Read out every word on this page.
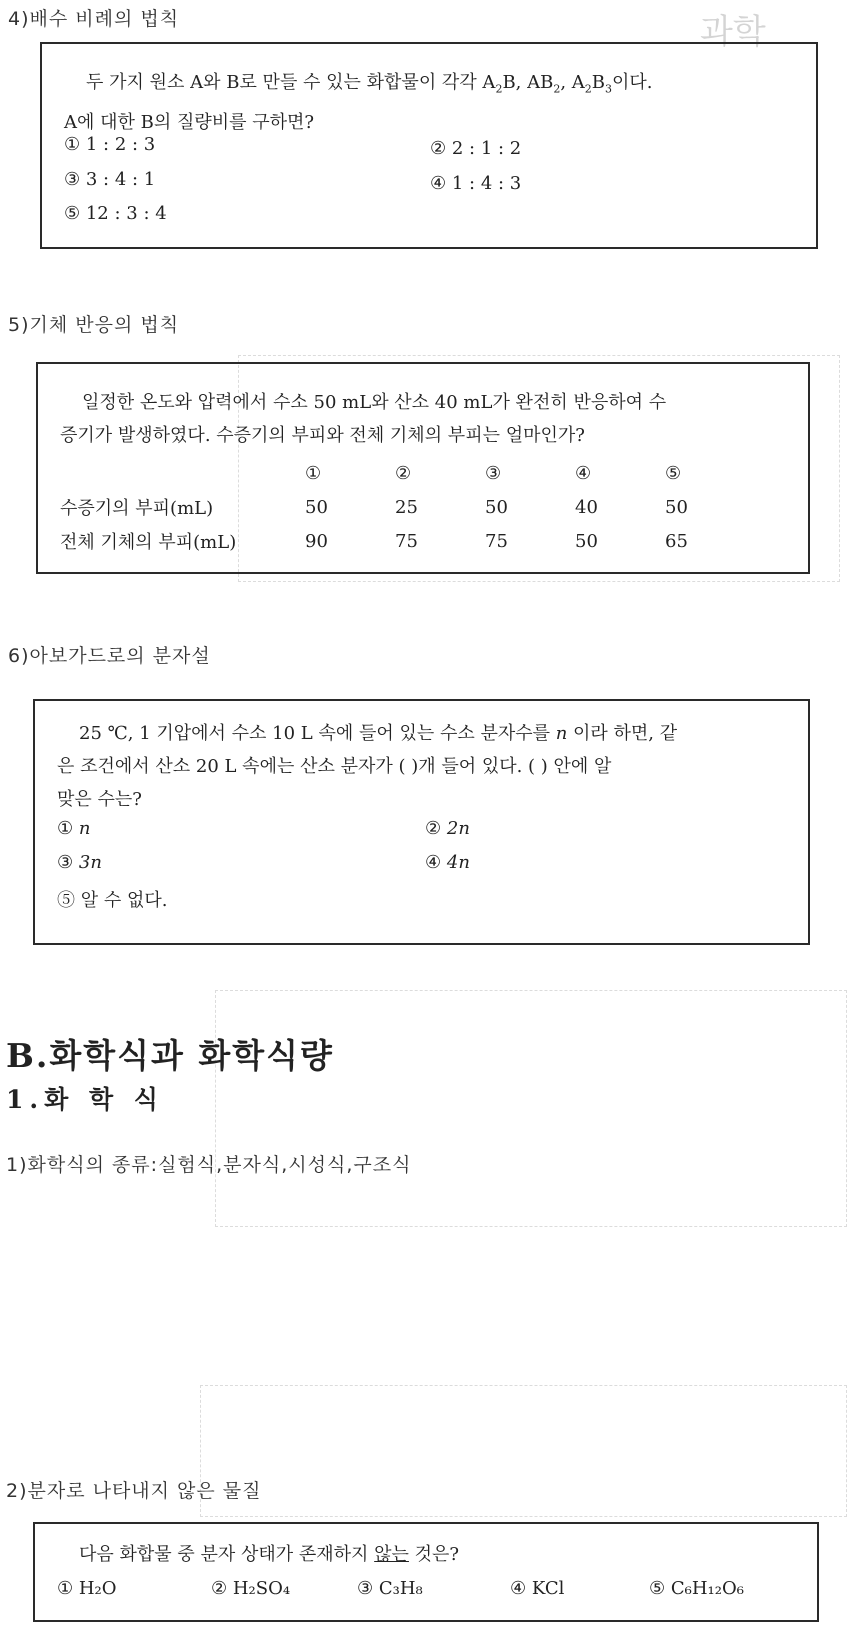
과학
4)배수 비례의 법칙
두 가지 원소 A와 B로 만들 수 있는 화합물이 각각 $A_2B$, $AB_2$, $A_2B_3$이다.
A에 대한 B의 질량비를 구하면?
① 1 : 2 : 3	② 2 : 1 : 2
③ 3 : 4 : 1	④ 1 : 4 : 3
⑤ 12 : 3 : 4
5)기체 반응의 법칙
일정한 온도와 압력에서 수소 50 mL와 산소 40 mL가 완전히 반응하여 수
증기가 발생하였다. 수증기의 부피와 전체 기체의 부피는 얼마인가?
	①	②	③	④	⑤
수증기의 부피(mL)	50	25	50	40	50
전체 기체의 부피(mL)	90	75	75	50	65
6)아보가드로의 분자설
25 ℃, 1 기압에서 수소 10 L 속에 들어 있는 수소 분자수를 n 이라 하면, 같
은 조건에서 산소 20 L 속에는 산소 분자가 ( )개 들어 있다. ( ) 안에 알
맞은 수는?
① n	② 2n
③ 3n	④ 4n
⑤ 알 수 없다.
B.화학식과 화학식량
1.화 학 식
1)화학식의 종류:실험식,분자식,시성식,구조식
2)분자로 나타내지 않은 물질
다음 화합물 중 분자 상태가 존재하지 않는 것은?
① H₂O	② H₂SO₄	③ C₃H₈	④ KCl	⑤ C₆H₁₂O₆
